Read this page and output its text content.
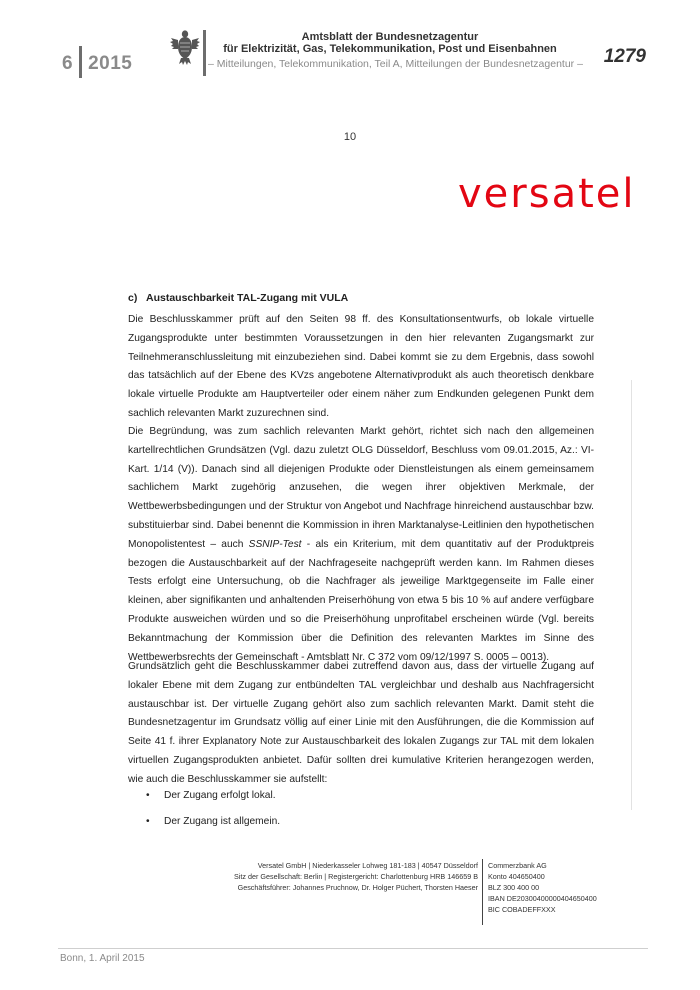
6 2015
Amtsblatt der Bundesnetzagentur
für Elektrizität, Gas, Telekommunikation, Post und Eisenbahnen
– Mitteilungen, Telekommunikation, Teil A, Mitteilungen der Bundesnetzagentur – 1279
10
versatel
c) Austauschbarkeit TAL-Zugang mit VULA
Die Beschlusskammer prüft auf den Seiten 98 ff. des Konsultationsentwurfs, ob lokale virtuelle Zugangsprodukte unter bestimmten Voraussetzungen in den hier relevanten Zugangsmarkt zur Teilnehmeranschlussleitung mit einzubeziehen sind. Dabei kommt sie zu dem Ergebnis, dass sowohl das tatsächlich auf der Ebene des KVzs angebotene Alternativprodukt als auch theoretisch denkbare lokale virtuelle Produkte am Hauptverteiler oder einem näher zum Endkunden gelegenen Punkt dem sachlich relevanten Markt zuzurechnen sind.
Die Begründung, was zum sachlich relevanten Markt gehört, richtet sich nach den allgemeinen kartellrechtlichen Grundsätzen (Vgl. dazu zuletzt OLG Düsseldorf, Beschluss vom 09.01.2015, Az.: VI-Kart. 1/14 (V)). Danach sind all diejenigen Produkte oder Dienstleistungen als einem gemeinsamem sachlichem Markt zugehörig anzusehen, die wegen ihrer objektiven Merkmale, der Wettbewerbsbedingungen und der Struktur von Angebot und Nachfrage hinreichend austauschbar bzw. substituierbar sind. Dabei benennt die Kommission in ihren Marktanalyse-Leitlinien den hypothetischen Monopolistentest – auch SSNIP-Test - als ein Kriterium, mit dem quantitativ auf der Produktpreis bezogen die Austauschbarkeit auf der Nachfrageseite nachgeprüft werden kann. Im Rahmen dieses Tests erfolgt eine Untersuchung, ob die Nachfrager als jeweilige Marktgegenseite im Falle einer kleinen, aber signifikanten und anhaltenden Preiserhöhung von etwa 5 bis 10 % auf andere verfügbare Produkte ausweichen würden und so die Preiserhöhung unprofitabel erscheinen würde (Vgl. bereits Bekanntmachung der Kommission über die Definition des relevanten Marktes im Sinne des Wettbewerbsrechts der Gemeinschaft - Amtsblatt Nr. C 372 vom 09/12/1997 S. 0005 – 0013).
Grundsätzlich geht die Beschlusskammer dabei zutreffend davon aus, dass der virtuelle Zugang auf lokaler Ebene mit dem Zugang zur entbündelten TAL vergleichbar und deshalb aus Nachfragersicht austauschbar ist. Der virtuelle Zugang gehört also zum sachlich relevanten Markt. Damit steht die Bundesnetzagentur im Grundsatz völlig auf einer Linie mit den Ausführungen, die die Kommission auf Seite 41 f. ihrer Explanatory Note zur Austauschbarkeit des lokalen Zugangs zur TAL mit dem lokalen virtuellen Zugangsprodukten anbietet. Dafür sollten drei kumulative Kriterien herangezogen werden, wie auch die Beschlusskammer sie aufstellt:
• Der Zugang erfolgt lokal.
• Der Zugang ist allgemein.
Versatel GmbH | Niederkasseler Lohweg 181-183 | 40547 Düsseldorf
Sitz der Gesellschaft: Berlin | Registergericht: Charlottenburg HRB 146659 B
Geschäftsführer: Johannes Pruchnow, Dr. Holger Püchert, Thorsten Haeser
Commerzbank AG
Konto 404650400
BLZ 300 400 00
IBAN DE20300400000404650400
BIC COBADEFFXXX
Bonn, 1. April 2015
